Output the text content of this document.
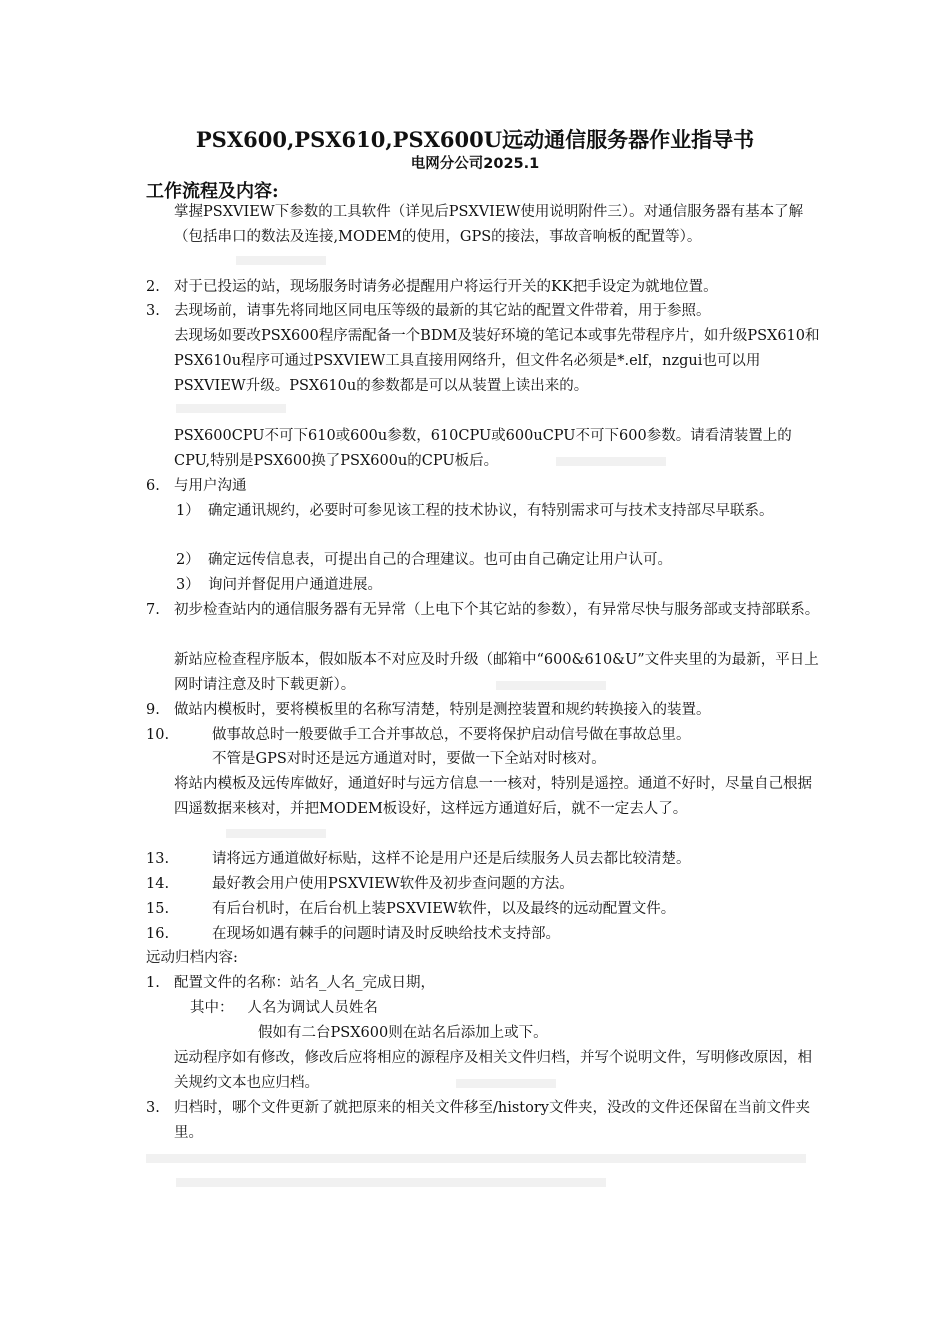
PSX600,PSX610,PSX600U远动通信服务器作业指导书
电网分公司2025.1
工作流程及内容:
掌握PSXVIEW下参数的工具软件（详见后PSXVIEW使用说明附件三）。对通信服务器有基本了解（包括串口的数法及连接,MODEM的使用，GPS的接法，事故音响板的配置等）。
2. 对于已投运的站，现场服务时请务必提醒用户将运行开关的KK把手设定为就地位置。
3. 去现场前，请事先将同地区同电压等级的最新的其它站的配置文件带着，用于参照。
去现场如要改PSX600程序需配备一个BDM及装好环境的笔记本或事先带程序片，如升级PSX610和PSX610u程序可通过PSXVIEW工具直接用网络升，但文件名必须是*.elf，nzgui也可以用PSXVIEW升级。PSX610u的参数都是可以从装置上读出来的。
PSX600CPU不可下610或600u参数，610CPU或600uCPU不可下600参数。请看清装置上的CPU,特别是PSX600换了PSX600u的CPU板后。
6. 与用户沟通
1） 确定通讯规约，必要时可参见该工程的技术协议，有特别需求可与技术支持部尽早联系。
2） 确定远传信息表，可提出自己的合理建议。也可由自己确定让用户认可。
3） 询问并督促用户通道进展。
7. 初步检查站内的通信服务器有无异常（上电下个其它站的参数），有异常尽快与服务部或支持部联系。
新站应检查程序版本，假如版本不对应及时升级（邮箱中“600&610&U”文件夹里的为最新，平日上网时请注意及时下载更新）。
9. 做站内模板时，要将模板里的名称写清楚，特别是测控装置和规约转换接入的装置。
10.	做事故总时一般要做手工合并事故总，不要将保护启动信号做在事故总里。
不管是GPS对时还是远方通道对时，要做一下全站对时核对。
将站内模板及远传库做好，通道好时与远方信息一一核对，特别是遥控。通道不好时，尽量自己根据四遥数据来核对，并把MODEM板设好，这样远方通道好后，就不一定去人了。
13.	请将远方通道做好标贴，这样不论是用户还是后续服务人员去都比较清楚。
14.	最好教会用户使用PSXVIEW软件及初步查问题的方法。
15.	有后台机时，在后台机上装PSXVIEW软件，以及最终的远动配置文件。
16.	在现场如遇有棘手的问题时请及时反映给技术支持部。
远动归档内容:
1. 配置文件的名称：站名_人名_完成日期，
其中：   人名为调试人员姓名
假如有二台PSX600则在站名后添加上或下。
远动程序如有修改，修改后应将相应的源程序及相关文件归档，并写个说明文件，写明修改原因，相关规约文本也应归档。
3. 归档时，哪个文件更新了就把原来的相关文件移至/history文件夹，没改的文件还保留在当前文件夹里。
